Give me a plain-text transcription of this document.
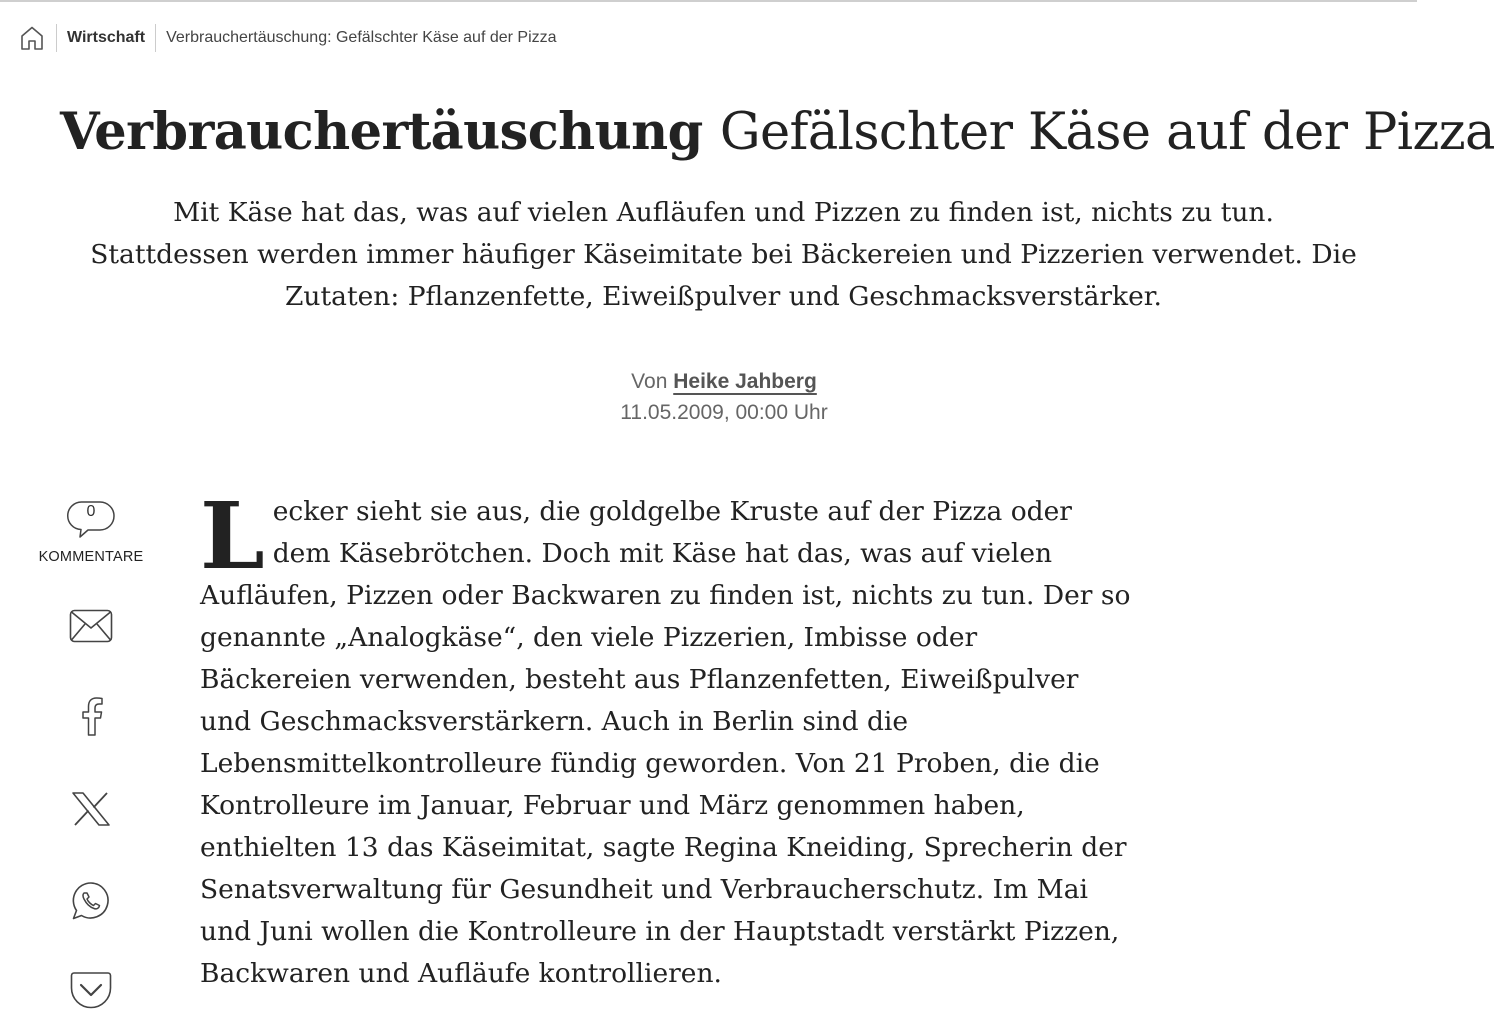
Wirtschaft Verbrauchertäuschung: Gefälschter Käse auf der Pizza
Verbrauchertäuschung Gefälschter Käse auf der Pizza

Mit Käse hat das, was auf vielen Aufläufen und Pizzen zu finden ist, nichts zu tun. Stattdessen werden immer häufiger Käseimitate bei Bäckereien und Pizzerien verwendet. Die Zutaten: Pflanzenfette, Eiweißpulver und Geschmacksverstärker.

Von Heike Jahberg
11.05.2009, 00:00 Uhr
0
KOMMENTARE Lecker sieht sie aus, die goldgelbe Kruste auf der Pizza oder dem Käsebrötchen. Doch mit Käse hat das, was auf vielen Aufläufen, Pizzen oder Backwaren zu finden ist, nichts zu tun. Der so genannte „Analogkäse“, den viele Pizzerien, Imbisse oder Bäckereien verwenden, besteht aus Pflanzenfetten, Eiweißpulver und Geschmacksverstärkern. Auch in Berlin sind die Lebensmittelkontrolleure fündig geworden. Von 21 Proben, die die Kontrolleure im Januar, Februar und März genommen haben, enthielten 13 das Käseimitat, sagte Regina Kneiding, Sprecherin der Senatsverwaltung für Gesundheit und Verbraucherschutz. Im Mai und Juni wollen die Kontrolleure in der Hauptstadt verstärkt Pizzen, Backwaren und Aufläufe kontrollieren.
